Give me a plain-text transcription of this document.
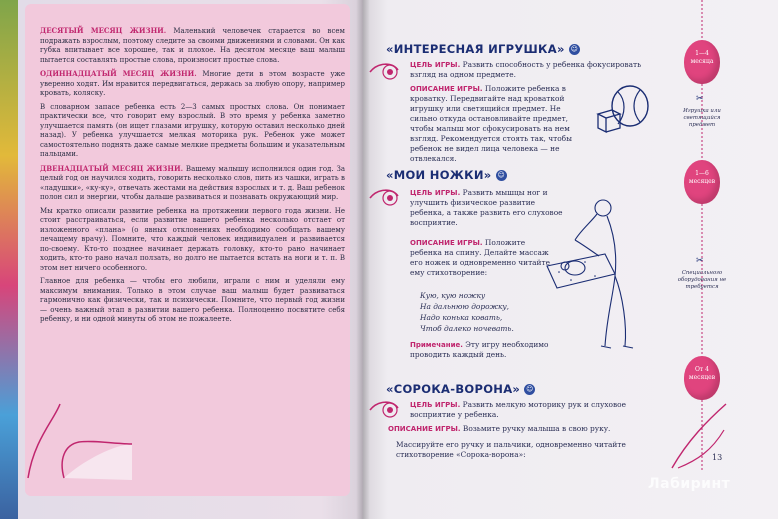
ДЕСЯТЫЙ МЕСЯЦ ЖИЗНИ. Маленький человечек старается во всем подражать взрослым, поэтому следите за своими движениями и словами. Он как губка впитывает все хорошее, так и плохое. На десятом месяце ваш малыш пытается составлять простые слова, произносит простые слова.

ОДИННАДЦАТЫЙ МЕСЯЦ ЖИЗНИ. Многие дети в этом возрасте уже уверенно ходят. Им нравится передвигаться, держась за любую опору, например кровать, коляску.

В словарном запасе ребенка есть 2—3 самых простых слова. Он понимает практически все, что говорит ему взрослый. В это время у ребенка заметно улучшается память (он ищет глазами игрушку, которую оставил несколько дней назад). У ребенка улучшается мелкая моторика рук. Ребенок уже может самостоятельно поднять даже самые мелкие предметы большим и указательным пальцами.

ДВЕНАДЦАТЫЙ МЕСЯЦ ЖИЗНИ. Вашему малышу исполнился один год. За целый год он научился ходить, говорить несколько слов, пить из чашки, играть в «ладушки», «ку-ку», отвечать жестами на действия взрослых и т. д. Ваш ребенок полон сил и энергии, чтобы дальше развиваться и познавать окружающий мир.

Мы кратко описали развитие ребенка на протяжении первого года жизни. Не стоит расстраиваться, если развитие вашего ребенка несколько отстает от изложенного «плана» (о явных отклонениях необходимо сообщать вашему лечащему врачу). Помните, что каждый человек индивидуален и развивается по-своему. Кто-то позднее начинает держать головку, кто-то рано начинает ходить, кто-то рано начал ползать, но долго не пытается встать на ноги и т. п. В этом нет ничего особенного.

Главное для ребенка — чтобы его любили, играли с ним и уделяли ему максимум внимания. Только в этом случае ваш малыш будет развиваться гармонично как физически, так и психически. Помните, что первый год жизни — очень важный этап в развитии вашего ребенка. Полноценно посвятите себя ребенку, и ни одной минуты об этом не пожалеете.

«ИНТЕРЕСНАЯ ИГРУШКА» ☺
ЦЕЛЬ ИГРЫ. Развить способность у ребенка фокусировать взгляд на одном предмете.
ОПИСАНИЕ ИГРЫ. Положите ребенка в кроватку. Передвигайте над кроваткой игрушку или светящийся предмет. Не сильно откуда остановливайте предмет, чтобы малыш мог сфокусировать на нем взгляд. Рекомендуется стоять так, чтобы ребенок не видел лица человека — не отвлекался.
«МОИ НОЖКИ» ☺
ЦЕЛЬ ИГРЫ. Развить мышцы ног и улучшить физическое развитие ребенка, а также развить его слуховое восприятие.
ОПИСАНИЕ ИГРЫ. Положите ребенка на спину. Делайте массаж его ножек и одновременно читайте ему стихотворение:
Кую, кую ножку
На дальнюю дорожку,
Надо конька ковать,
Чтоб далеко ночевать.
Примечание. Эту игру необходимо проводить каждый день.
«СОРОКА-ВОРОНА» ☺
ЦЕЛЬ ИГРЫ. Развить мелкую моторику рук и слуховое восприятие у ребенка.
ОПИСАНИЕ ИГРЫ. Возьмите ручку малыша в свою руку.
Массируйте его ручку и пальчики, одновременно читайте стихотворение «Сорока-ворона»:
1—4
месяца
✂
Игрушка или светящийся предмет
1—6
месяцев
✂
Специального оборудования не требуется
От 4
месяцев
13
Лабиринт
